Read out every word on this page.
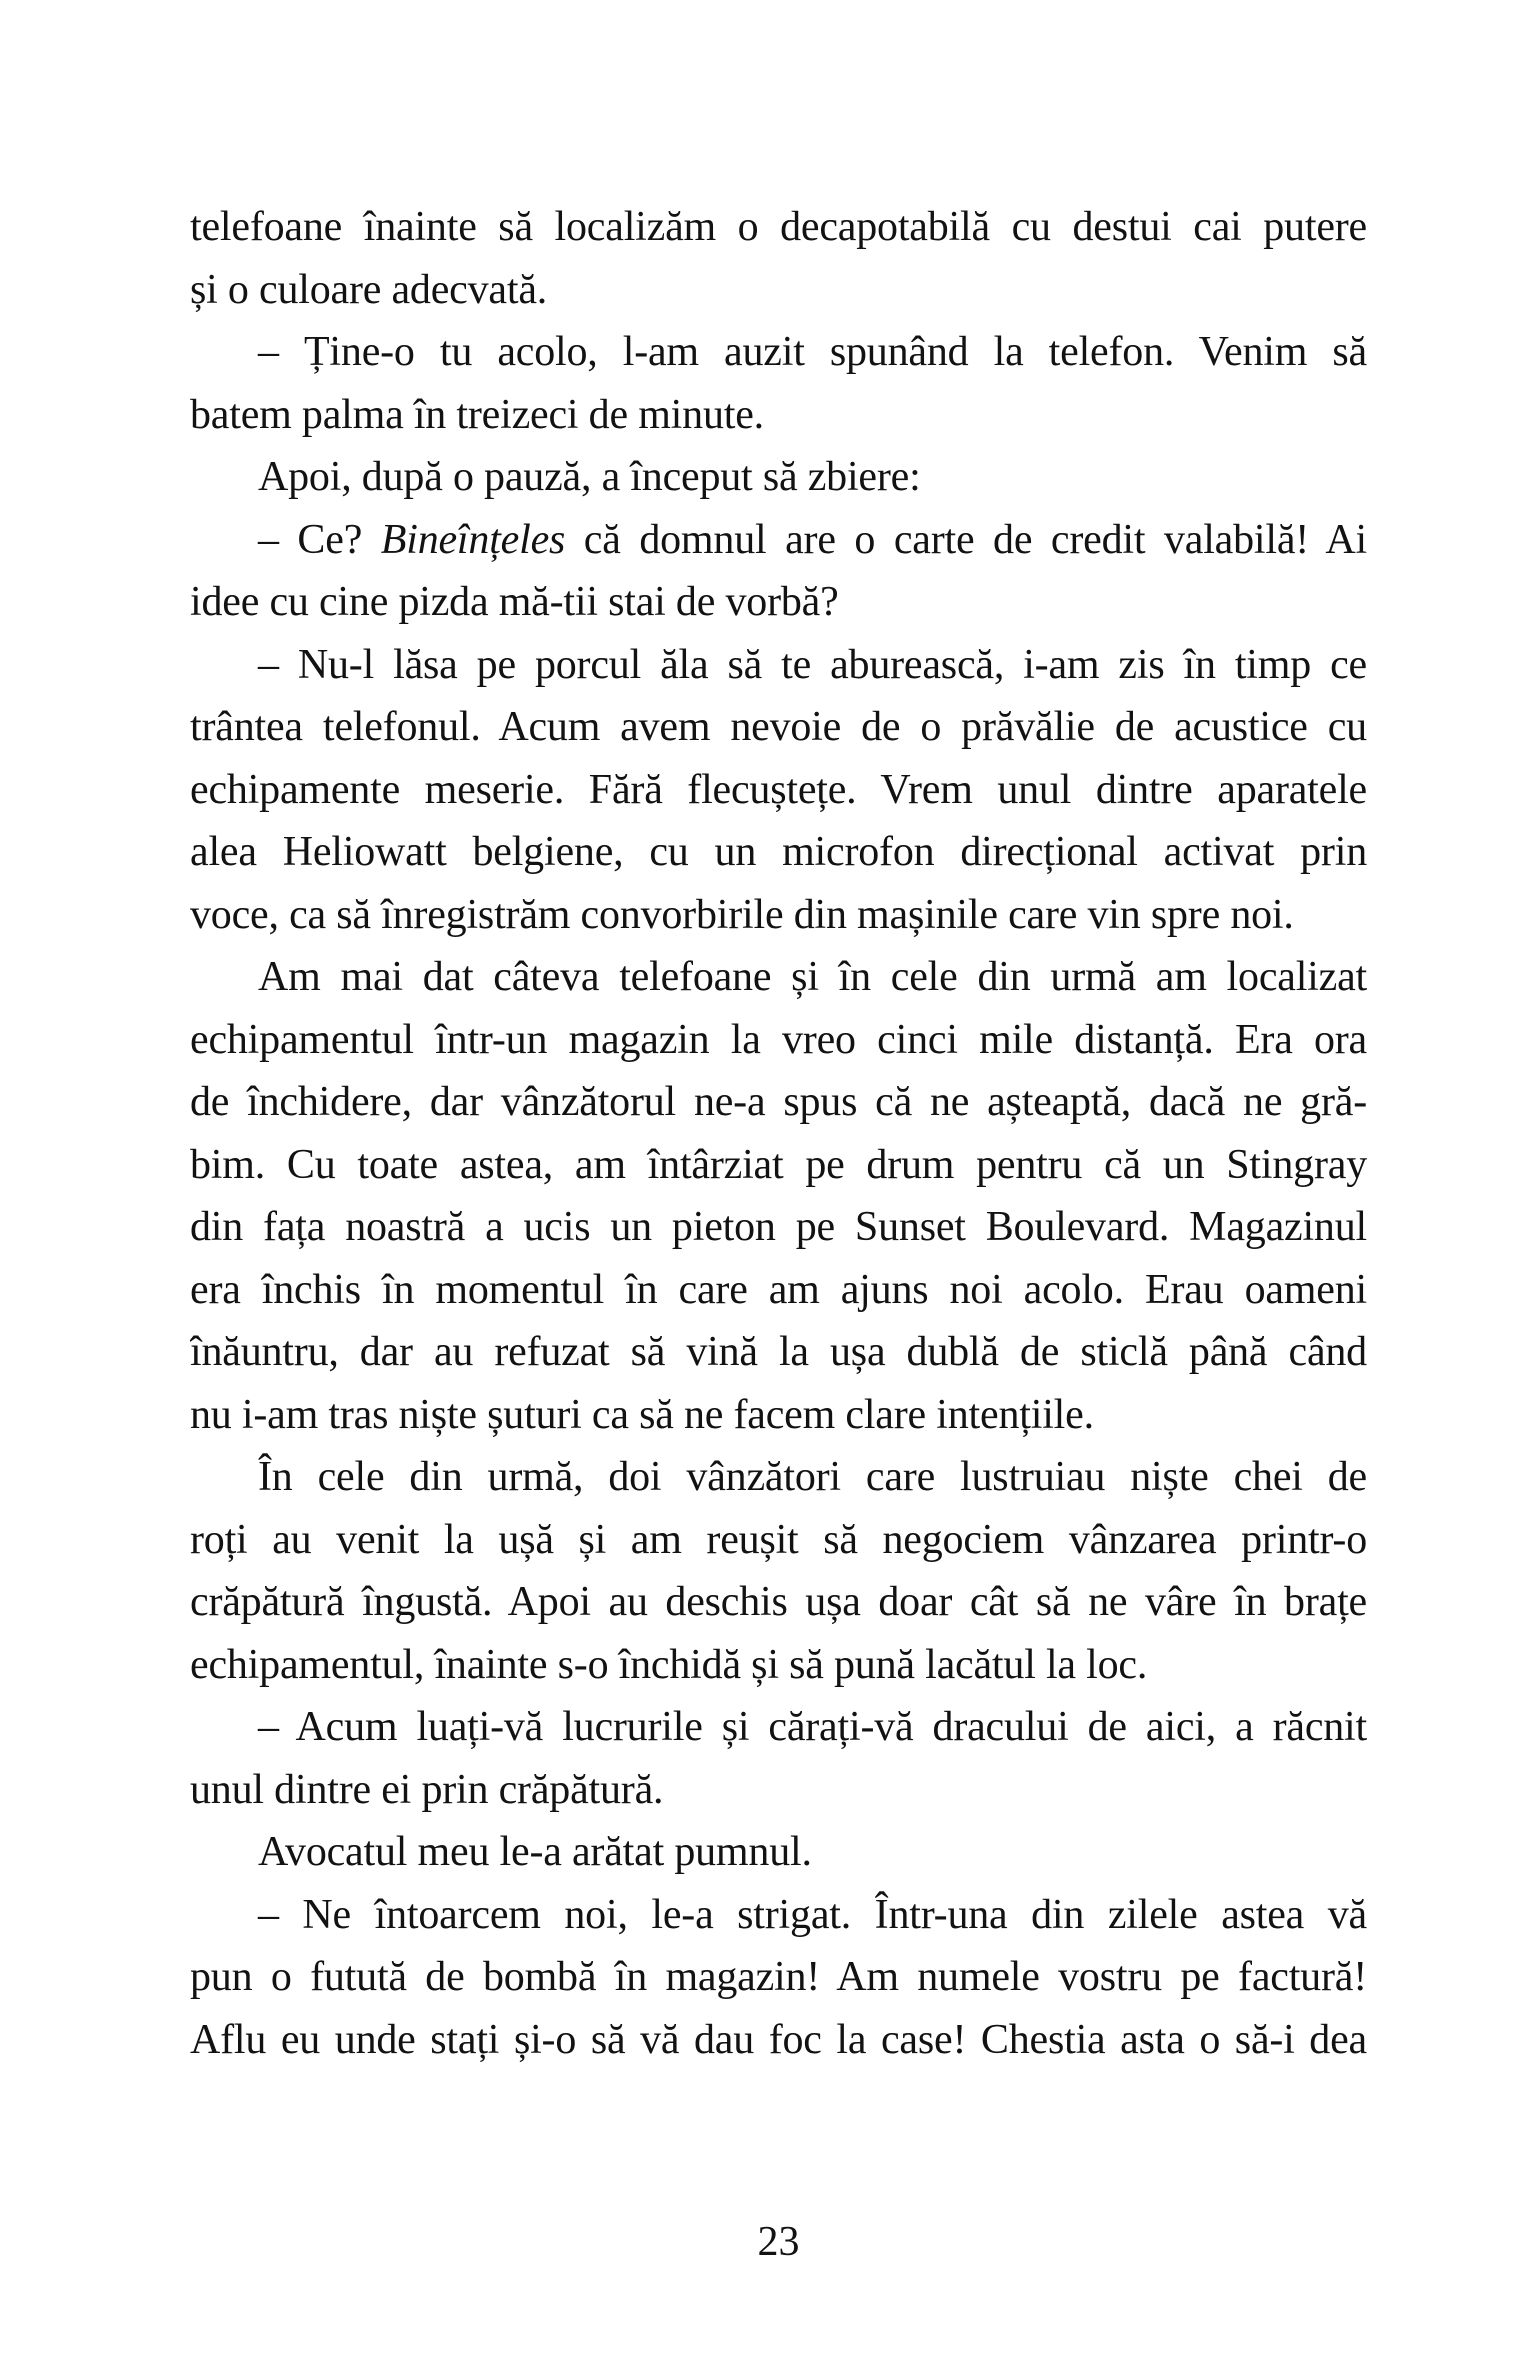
telefoane înainte să localizăm o decapotabilă cu destui cai putere
și o culoare adecvată.
– Ține-o tu acolo, l-am auzit spunând la telefon. Venim să
batem palma în treizeci de minute.
Apoi, după o pauză, a început să zbiere:
– Ce? Bineînțeles că domnul are o carte de credit valabilă! Ai
idee cu cine pizda mă-tii stai de vorbă?
– Nu-l lăsa pe porcul ăla să te aburească, i-am zis în timp ce
trântea telefonul. Acum avem nevoie de o prăvălie de acustice cu
echipamente meserie. Fără flecuștețe. Vrem unul dintre aparatele
alea Heliowatt belgiene, cu un microfon direcțional activat prin
voce, ca să înregistrăm convorbirile din mașinile care vin spre noi.
Am mai dat câteva telefoane și în cele din urmă am localizat
echipamentul într-un magazin la vreo cinci mile distanță. Era ora
de închidere, dar vânzătorul ne-a spus că ne așteaptă, dacă ne gră-
bim. Cu toate astea, am întârziat pe drum pentru că un Stingray
din fața noastră a ucis un pieton pe Sunset Boulevard. Magazinul
era închis în momentul în care am ajuns noi acolo. Erau oameni
înăuntru, dar au refuzat să vină la ușa dublă de sticlă până când
nu i-am tras niște șuturi ca să ne facem clare intențiile.
În cele din urmă, doi vânzători care lustruiau niște chei de
roți au venit la ușă și am reușit să negociem vânzarea printr-o
crăpătură îngustă. Apoi au deschis ușa doar cât să ne vâre în brațe
echipamentul, înainte s-o închidă și să pună lacătul la loc.
– Acum luați-vă lucrurile și cărați-vă dracului de aici, a răcnit
unul dintre ei prin crăpătură.
Avocatul meu le-a arătat pumnul.
– Ne întoarcem noi, le-a strigat. Într-una din zilele astea vă
pun o futută de bombă în magazin! Am numele vostru pe factură!
Aflu eu unde stați și-o să vă dau foc la case! Chestia asta o să-i dea
23
